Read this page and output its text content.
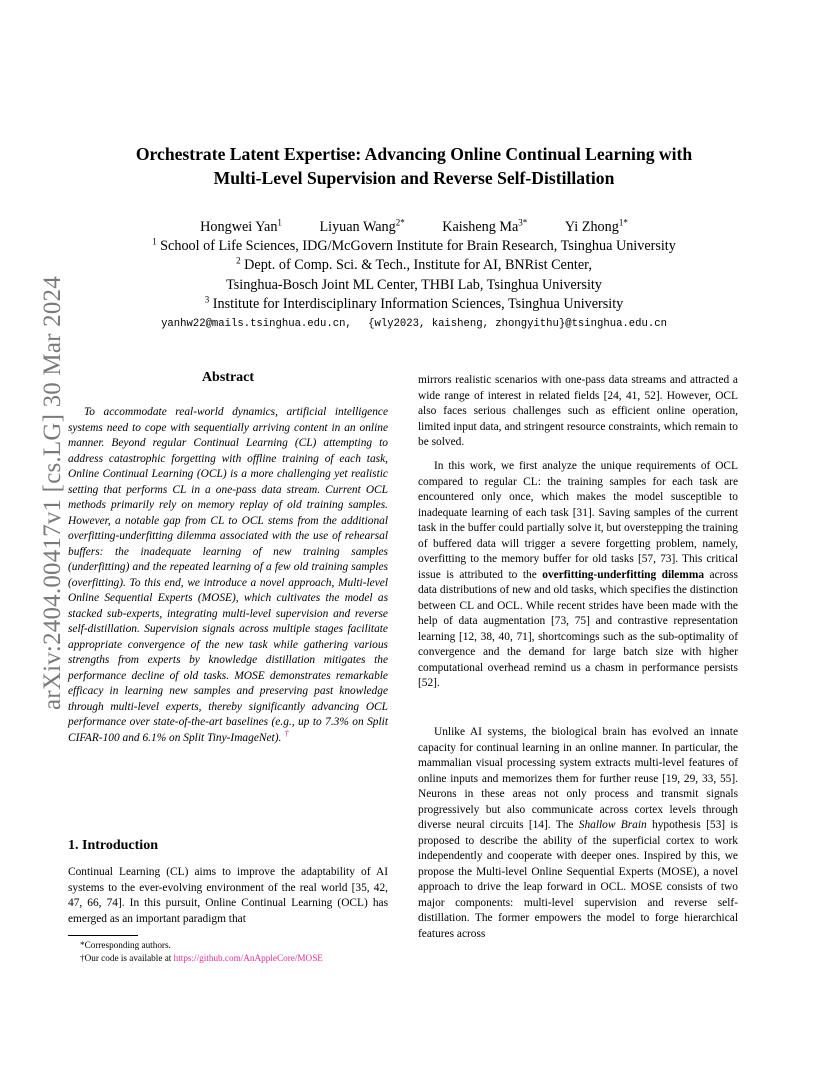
arXiv:2404.00417v1 [cs.LG] 30 Mar 2024
Orchestrate Latent Expertise: Advancing Online Continual Learning with
Multi-Level Supervision and Reverse Self-Distillation
Hongwei Yan$^1$	Liyuan Wang$^{2*}$	Kaisheng $Ma^{3*}$	Yi Zhong$^{1*}$
$^1$ School of Life Sciences, IDG/McGovern Institute for Brain Research, Tsinghua University
$^2$ Dept. of Comp. Sci. & Tech., Institute for AI, BNRist Center,
Tsinghua-Bosch Joint ML Center, THBI Lab, Tsinghua University
$^3$ Institute for Interdisciplinary Information Sciences, Tsinghua University
yanhw22@mails.tsinghua.edu.cn, {wly2023, kaisheng, zhongyithu}@tsinghua.edu.cn
Abstract
To accommodate real-world dynamics, artificial intelligence systems need to cope with sequentially arriving content in an online manner. Beyond regular Continual Learning (CL) attempting to address catastrophic forgetting with offline training of each task, Online Continual Learning (OCL) is a more challenging yet realistic setting that performs CL in a one-pass data stream. Current OCL methods primarily rely on memory replay of old training samples. However, a notable gap from CL to OCL stems from the additional overfitting-underfitting dilemma associated with the use of rehearsal buffers: the inadequate learning of new training samples (underfitting) and the repeated learning of a few old training samples (overfitting). To this end, we introduce a novel approach, Multi-level Online Sequential Experts (MOSE), which cultivates the model as stacked sub-experts, integrating multi-level supervision and reverse self-distillation. Supervision signals across multiple stages facilitate appropriate convergence of the new task while gathering various strengths from experts by knowledge distillation mitigates the performance decline of old tasks. MOSE demonstrates remarkable efficacy in learning new samples and preserving past knowledge through multi-level experts, thereby significantly advancing OCL performance over state-of-the-art baselines (e.g., up to 7.3% on Split CIFAR-100 and 6.1% on Split Tiny-ImageNet). †
1. Introduction
Continual Learning (CL) aims to improve the adaptability of AI systems to the ever-evolving environment of the real world [35, 42, 47, 66, 74]. In this pursuit, Online Continual Learning (OCL) has emerged as an important paradigm that
*Corresponding authors.
†Our code is available at https://github.com/AnAppleCore/MOSE
mirrors realistic scenarios with one-pass data streams and attracted a wide range of interest in related fields [24, 41, 52]. However, OCL also faces serious challenges such as efficient online operation, limited input data, and stringent resource constraints, which remain to be solved.
In this work, we first analyze the unique requirements of OCL compared to regular CL: the training samples for each task are encountered only once, which makes the model susceptible to inadequate learning of each task [31]. Saving samples of the current task in the buffer could partially solve it, but overstepping the training of buffered data will trigger a severe forgetting problem, namely, overfitting to the memory buffer for old tasks [57, 73]. This critical issue is attributed to the overfitting-underfitting dilemma across data distributions of new and old tasks, which specifies the distinction between CL and OCL. While recent strides have been made with the help of data augmentation [73, 75] and contrastive representation learning [12, 38, 40, 71], shortcomings such as the sub-optimality of convergence and the demand for large batch size with higher computational overhead remind us a chasm in performance persists [52].
Unlike AI systems, the biological brain has evolved an innate capacity for continual learning in an online manner. In particular, the mammalian visual processing system extracts multi-level features of online inputs and memorizes them for further reuse [19, 29, 33, 55]. Neurons in these areas not only process and transmit signals progressively but also communicate across cortex levels through diverse neural circuits [14]. The Shallow Brain hypothesis [53] is proposed to describe the ability of the superficial cortex to work independently and cooperate with deeper ones. Inspired by this, we propose the Multi-level Online Sequential Experts (MOSE), a novel approach to drive the leap forward in OCL. MOSE consists of two major components: multi-level supervision and reverse self-distillation. The former empowers the model to forge hierarchical features across
